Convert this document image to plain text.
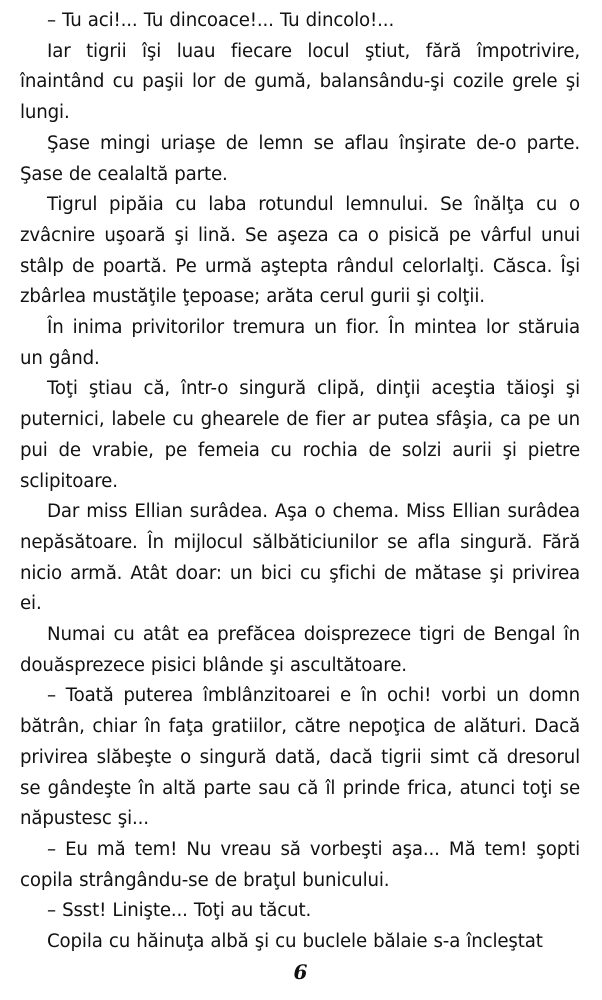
– Tu aci!... Tu dincoace!... Tu dincolo!...

Iar tigrii îşi luau fiecare locul ştiut, fără împotrivire, înaintând cu paşii lor de gumă, balansându-şi cozile grele şi lungi.

Şase mingi uriaşe de lemn se aflau înşirate de-o parte. Şase de cealaltă parte.

Tigrul pipăia cu laba rotundul lemnului. Se înălţa cu o zvâcnire uşoară şi lină. Se aşeza ca o pisică pe vârful unui stâlp de poartă. Pe urmă aştepta rândul celorlalţi. Căsca. Îşi zbârlea mustăţile ţepoase; arăta cerul gurii şi colţii.

În inima privitorilor tremura un fior. În mintea lor stăruia un gând.

Toţi ştiau că, într-o singură clipă, dinţii aceştia tăioşi şi puternici, labele cu ghearele de fier ar putea sfâşia, ca pe un pui de vrabie, pe femeia cu rochia de solzi aurii şi pietre sclipitoare.

Dar miss Ellian surâdea. Aşa o chema. Miss Ellian surâdea nepăsătoare. În mijlocul sălbăticiunilor se afla singură. Fără nicio armă. Atât doar: un bici cu şfichi de mătase şi privirea ei.

Numai cu atât ea prefăcea doisprezece tigri de Bengal în douăsprezece pisici blânde şi ascultătoare.

– Toată puterea îmblânzitoarei e în ochi! vorbi un domn bătrân, chiar în faţa gratiilor, către nepoţica de alături. Dacă privirea slăbeşte o singură dată, dacă tigrii simt că dresorul se gândeşte în altă parte sau că îl prinde frica, atunci toţi se năpustesc şi...

– Eu mă tem! Nu vreau să vorbeşti aşa... Mă tem! şopti copila strângându-se de braţul bunicului.

– Ssst! Linişte... Toţi au tăcut.

Copila cu hăinuţa albă şi cu buclele bălaie s-a încleştat

6
